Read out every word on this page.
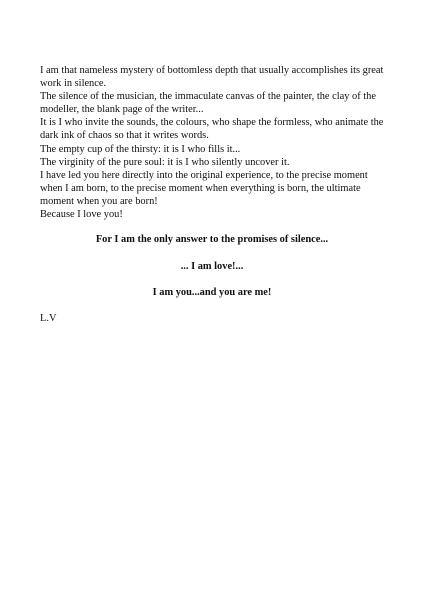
I am that nameless mystery of bottomless depth that usually accomplishes its great work in silence.

The silence of the musician, the immaculate canvas of the painter, the clay of the modeller, the blank page of the writer...

It is I who invite the sounds, the colours, who shape the formless, who animate the dark ink of chaos so that it writes words.

The empty cup of the thirsty: it is I who fills it...

The virginity of the pure soul: it is I who silently uncover it.

I have led you here directly into the original experience, to the precise moment when I am born, to the precise moment when everything is born, the ultimate moment when you are born!

Because I love you!

For I am the only answer to the promises of silence...
... I am love!...
I am you...and you are me!
L.V
